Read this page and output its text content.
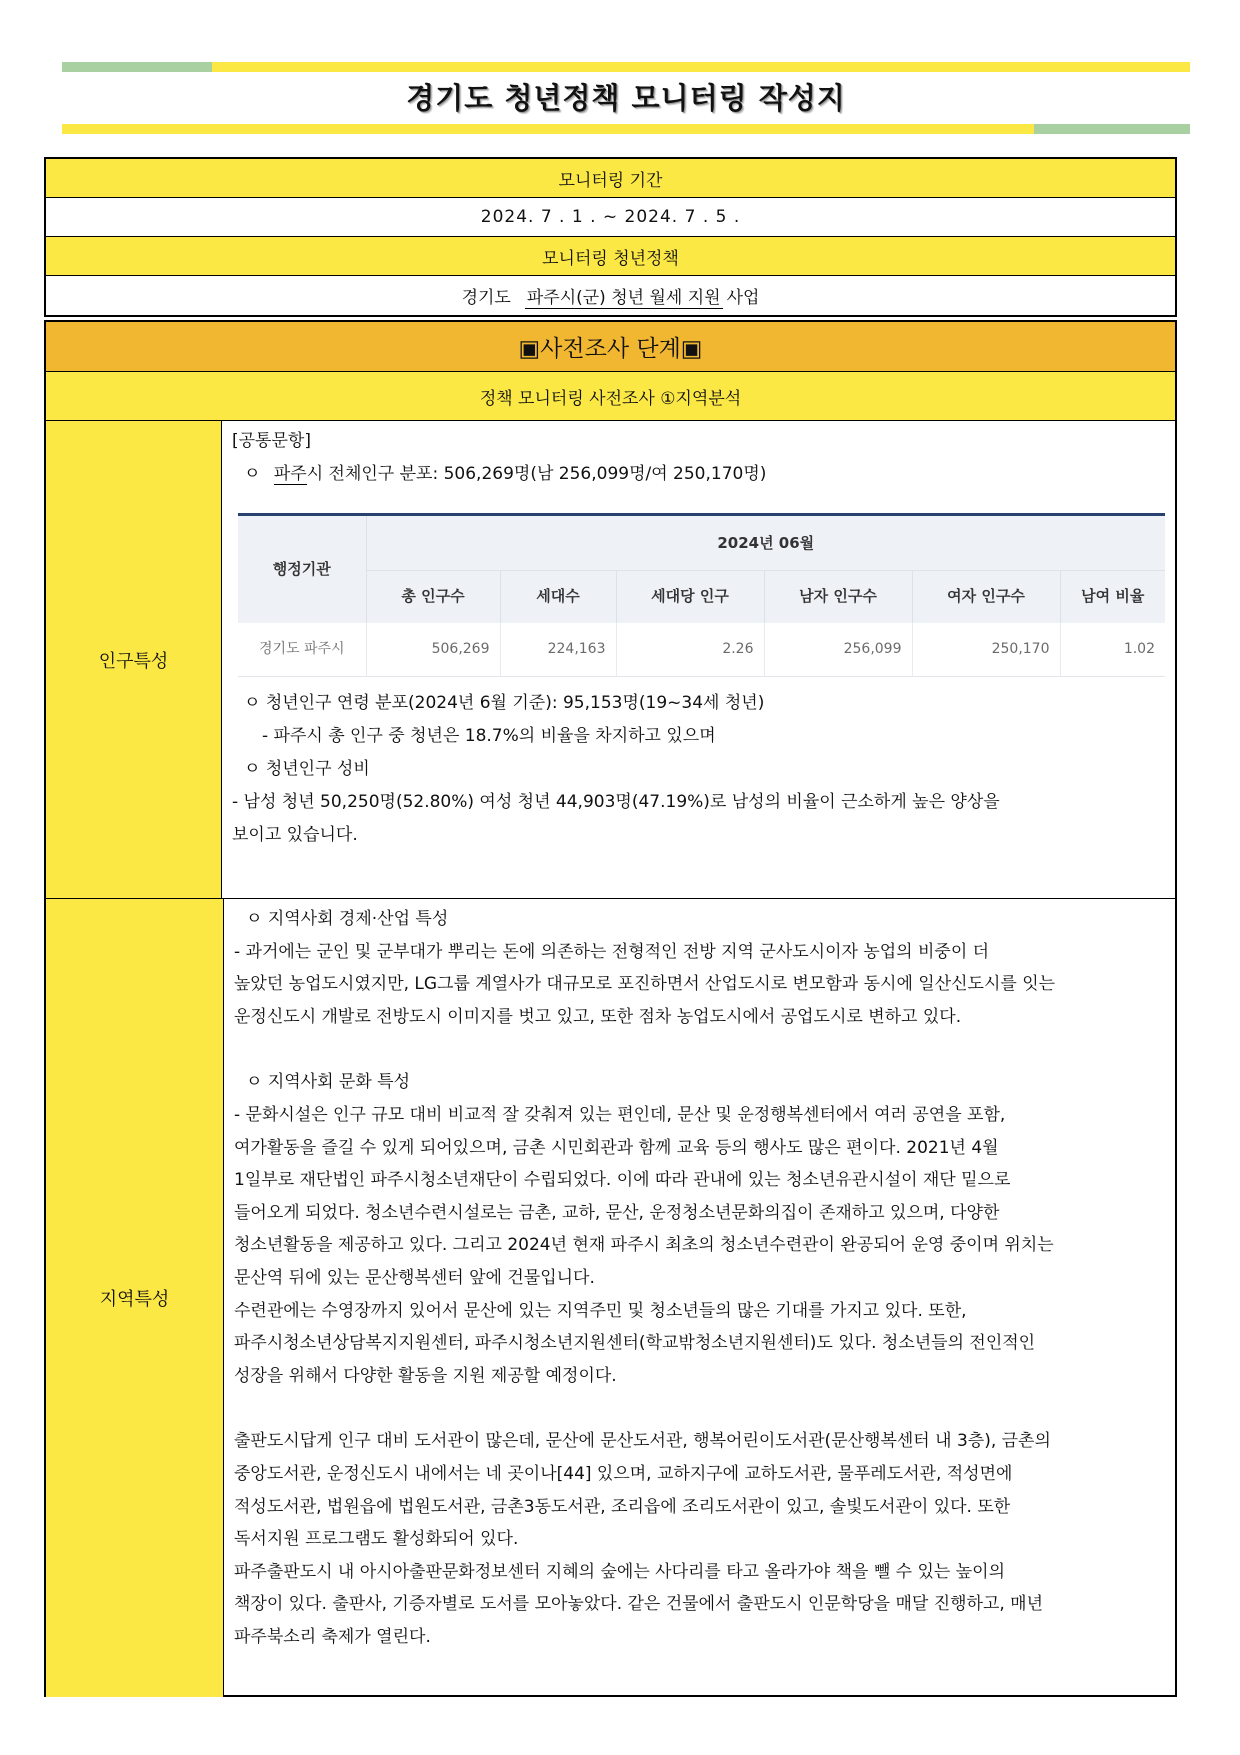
경기도 청년정책 모니터링 작성지
모니터링 기간
2024. 7 . 1 . ~ 2024. 7 . 5 .
모니터링 청년정책
경기도 파주시(군) 청년 월세 지원 사업
▣사전조사 단계▣
정책 모니터링 사전조사 ①지역분석
인구특성
[공통문항]
ㅇ 파주시 전체인구 분포: 506,269명(남 256,099명/여 250,170명)
행정기관	2024년 06월					
	총 인구수	세대수	세대당 인구	남자 인구수	여자 인구수	남여 비율
경기도 파주시	506,269	224,163	2.26	256,099	250,170	1.02
ㅇ 청년인구 연령 분포(2024년 6월 기준): 95,153명(19~34세 청년)
- 파주시 총 인구 중 청년은 18.7%의 비율을 차지하고 있으며
ㅇ 청년인구 성비
- 남성 청년 50,250명(52.80%) 여성 청년 44,903명(47.19%)로 남성의 비율이 근소하게 높은 양상을
보이고 있습니다.
지역특성
ㅇ 지역사회 경제·산업 특성
- 과거에는 군인 및 군부대가 뿌리는 돈에 의존하는 전형적인 전방 지역 군사도시이자 농업의 비중이 더
높았던 농업도시였지만, LG그룹 계열사가 대규모로 포진하면서 산업도시로 변모함과 동시에 일산신도시를 잇는
운정신도시 개발로 전방도시 이미지를 벗고 있고, 또한 점차 농업도시에서 공업도시로 변하고 있다.
ㅇ 지역사회 문화 특성
- 문화시설은 인구 규모 대비 비교적 잘 갖춰져 있는 편인데, 문산 및 운정행복센터에서 여러 공연을 포함,
여가활동을 즐길 수 있게 되어있으며, 금촌 시민회관과 함께 교육 등의 행사도 많은 편이다. 2021년 4월
1일부로 재단법인 파주시청소년재단이 수립되었다. 이에 따라 관내에 있는 청소년유관시설이 재단 밑으로
들어오게 되었다. 청소년수련시설로는 금촌, 교하, 문산, 운정청소년문화의집이 존재하고 있으며, 다양한
청소년활동을 제공하고 있다. 그리고 2024년 현재 파주시 최초의 청소년수련관이 완공되어 운영 중이며 위치는
문산역 뒤에 있는 문산행복센터 앞에 건물입니다.
수련관에는 수영장까지 있어서 문산에 있는 지역주민 및 청소년들의 많은 기대를 가지고 있다. 또한,
파주시청소년상담복지지원센터, 파주시청소년지원센터(학교밖청소년지원센터)도 있다. 청소년들의 전인적인
성장을 위해서 다양한 활동을 지원 제공할 예정이다.
출판도시답게 인구 대비 도서관이 많은데, 문산에 문산도서관, 행복어린이도서관(문산행복센터 내 3층), 금촌의
중앙도서관, 운정신도시 내에서는 네 곳이나[44] 있으며, 교하지구에 교하도서관, 물푸레도서관, 적성면에
적성도서관, 법원읍에 법원도서관, 금촌3동도서관, 조리읍에 조리도서관이 있고, 솔빛도서관이 있다. 또한
독서지원 프로그램도 활성화되어 있다.
파주출판도시 내 아시아출판문화정보센터 지혜의 숲에는 사다리를 타고 올라가야 책을 뺄 수 있는 높이의
책장이 있다. 출판사, 기증자별로 도서를 모아놓았다. 같은 건물에서 출판도시 인문학당을 매달 진행하고, 매년
파주북소리 축제가 열린다.
